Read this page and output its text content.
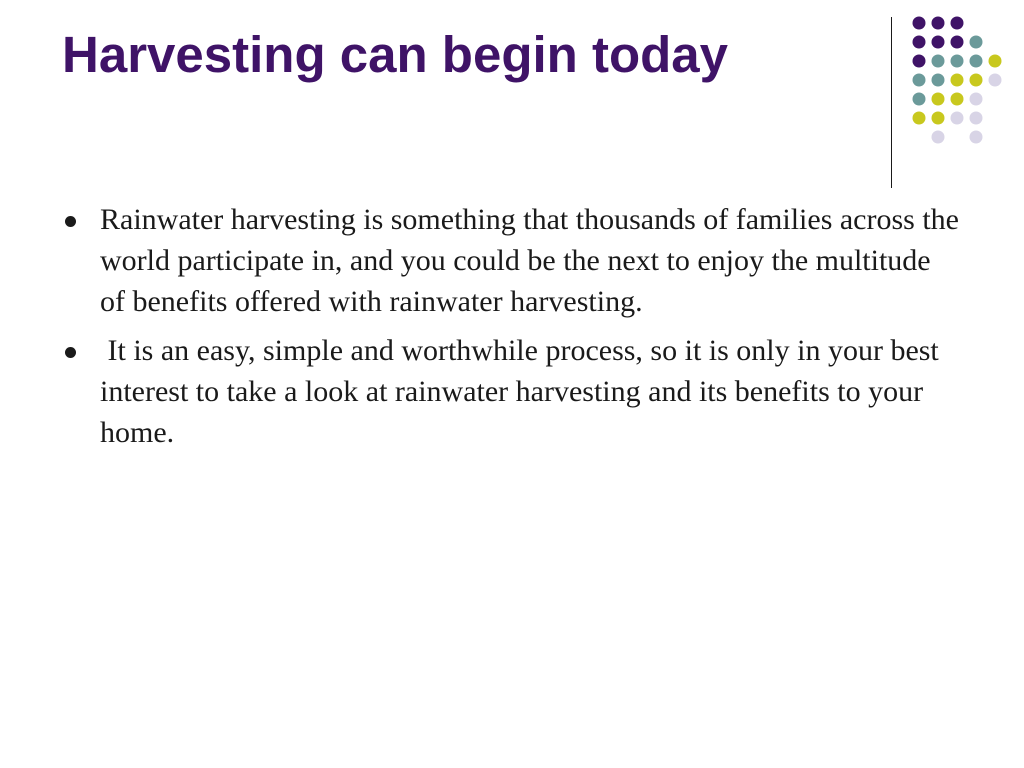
Harvesting can begin today
Rainwater harvesting is something that thousands of families across the world participate in, and you could be the next to enjoy the multitude of benefits offered with rainwater harvesting.
It is an easy, simple and worthwhile process, so it is only in your best interest to take a look at rainwater harvesting and its benefits to your home.
